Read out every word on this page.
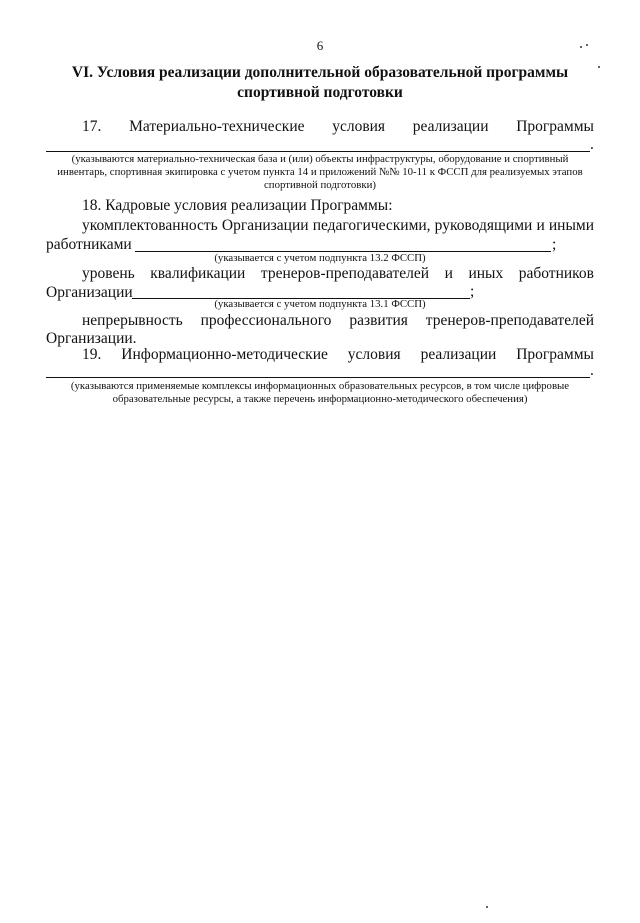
6
VI. Условия реализации дополнительной образовательной программы спортивной подготовки
17. Материально-технические условия реализации Программы
.
(указываются материально-техническая база и (или) объекты инфраструктуры, оборудование и спортивный инвентарь, спортивная экипировка с учетом пункта 14 и приложений №№ 10-11 к ФССП для реализуемых этапов спортивной подготовки)
18. Кадровые условия реализации Программы:
укомплектованность Организации педагогическими, руководящими и иными
работниками	;
(указывается с учетом подпункта 13.2 ФССП)
уровень квалификации тренеров-преподавателей и иных работников
Организации	;
(указывается с учетом подпункта 13.1 ФССП)
непрерывность профессионального развития тренеров-преподавателей
Организации.
19. Информационно-методические условия реализации Программы
.
(указываются применяемые комплексы информационных образовательных ресурсов, в том числе цифровые образовательные ресурсы, а также перечень информационно-методического обеспечения)
